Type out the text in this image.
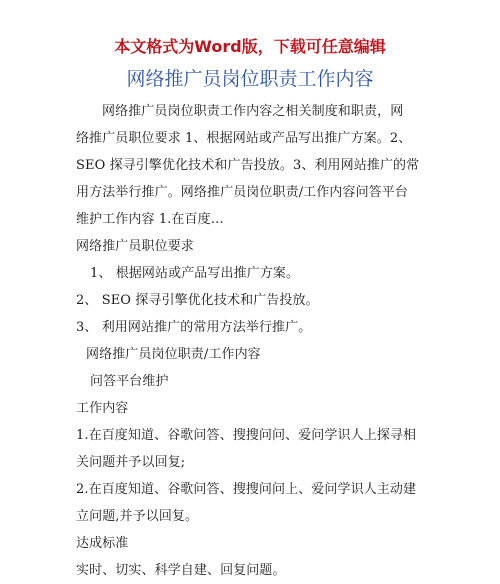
本文格式为Word版，下载可任意编辑
网络推广员岗位职责工作内容
网络推广员岗位职责工作内容之相关制度和职责，网
络推广员职位要求 1、根据网站或产品写出推广方案。2、
SEO 探寻引擎优化技术和广告投放。3、利用网站推广的常
用方法举行推广。网络推广员岗位职责/工作内容问答平台
维护工作内容 1.在百度…
网络推广员职位要求
1、 根据网站或产品写出推广方案。
2、 SEO 探寻引擎优化技术和广告投放。
3、 利用网站推广的常用方法举行推广。
网络推广员岗位职责/工作内容
问答平台维护
工作内容
1.在百度知道、谷歌问答、搜搜问问、爱问学识人上探寻相
关问题并予以回复;
2.在百度知道、谷歌问答、搜搜问问上、爱问学识人主动建
立问题,并予以回复。
达成标准
实时、切实、科学自建、回复问题。
